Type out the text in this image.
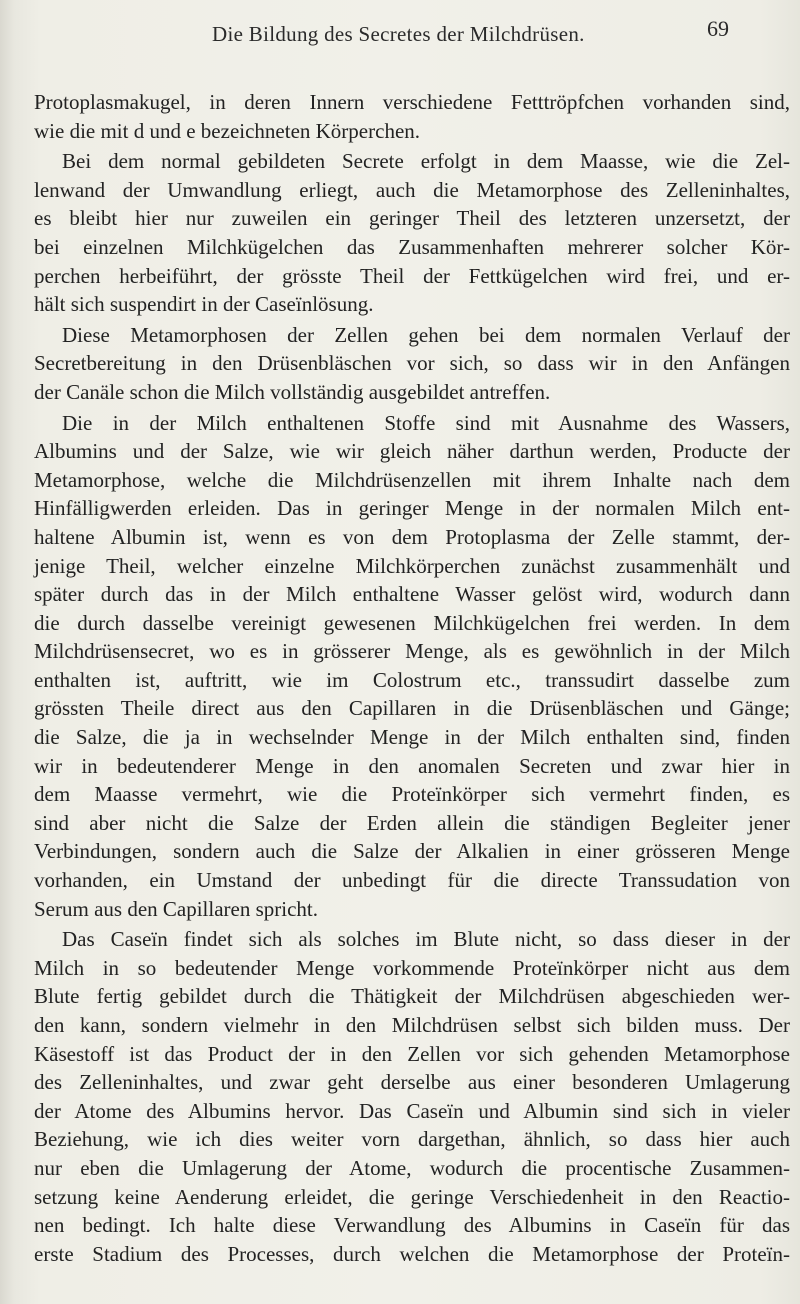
Die Bildung des Secretes der Milchdrüsen.	69
Protoplasmakugel, in deren Innern verschiedene Fetttröpfchen vorhanden sind,
wie die mit d und e bezeichneten Körperchen.
Bei dem normal gebildeten Secrete erfolgt in dem Maasse, wie die Zel-
lenwand der Umwandlung erliegt, auch die Metamorphose des Zelleninhaltes,
es bleibt hier nur zuweilen ein geringer Theil des letzteren unzersetzt, der
bei einzelnen Milchkügelchen das Zusammenhaften mehrerer solcher Kör-
perchen herbeiführt, der grösste Theil der Fettkügelchen wird frei, und er-
hält sich suspendirt in der Caseïnlösung.
Diese Metamorphosen der Zellen gehen bei dem normalen Verlauf der
Secretbereitung in den Drüsenbläschen vor sich, so dass wir in den Anfängen
der Canäle schon die Milch vollständig ausgebildet antreffen.
Die in der Milch enthaltenen Stoffe sind mit Ausnahme des Wassers,
Albumins und der Salze, wie wir gleich näher darthun werden, Producte der
Metamorphose, welche die Milchdrüsenzellen mit ihrem Inhalte nach dem
Hinfälligwerden erleiden. Das in geringer Menge in der normalen Milch ent-
haltene Albumin ist, wenn es von dem Protoplasma der Zelle stammt, der-
jenige Theil, welcher einzelne Milchkörperchen zunächst zusammenhält und
später durch das in der Milch enthaltene Wasser gelöst wird, wodurch dann
die durch dasselbe vereinigt gewesenen Milchkügelchen frei werden. In dem
Milchdrüsensecret, wo es in grösserer Menge, als es gewöhnlich in der Milch
enthalten ist, auftritt, wie im Colostrum etc., transsudirt dasselbe zum
grössten Theile direct aus den Capillaren in die Drüsenbläschen und Gänge;
die Salze, die ja in wechselnder Menge in der Milch enthalten sind, finden
wir in bedeutenderer Menge in den anomalen Secreten und zwar hier in
dem Maasse vermehrt, wie die Proteïnkörper sich vermehrt finden, es
sind aber nicht die Salze der Erden allein die ständigen Begleiter jener
Verbindungen, sondern auch die Salze der Alkalien in einer grösseren Menge
vorhanden, ein Umstand der unbedingt für die directe Transsudation von
Serum aus den Capillaren spricht.
Das Caseïn findet sich als solches im Blute nicht, so dass dieser in der
Milch in so bedeutender Menge vorkommende Proteïnkörper nicht aus dem
Blute fertig gebildet durch die Thätigkeit der Milchdrüsen abgeschieden wer-
den kann, sondern vielmehr in den Milchdrüsen selbst sich bilden muss. Der
Käsestoff ist das Product der in den Zellen vor sich gehenden Metamorphose
des Zelleninhaltes, und zwar geht derselbe aus einer besonderen Umlagerung
der Atome des Albumins hervor. Das Caseïn und Albumin sind sich in vieler
Beziehung, wie ich dies weiter vorn dargethan, ähnlich, so dass hier auch
nur eben die Umlagerung der Atome, wodurch die procentische Zusammen-
setzung keine Aenderung erleidet, die geringe Verschiedenheit in den Reactio-
nen bedingt. Ich halte diese Verwandlung des Albumins in Caseïn für das
erste Stadium des Processes, durch welchen die Metamorphose der Proteïn-
